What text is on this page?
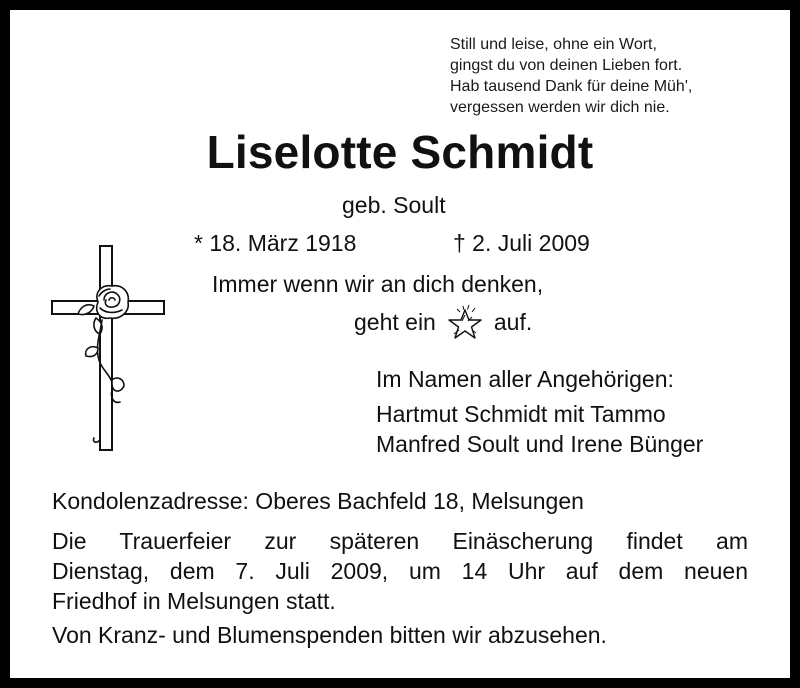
Still und leise, ohne ein Wort,
gingst du von deinen Lieben fort.
Hab tausend Dank für deine Müh',
vergessen werden wir dich nie.
Liselotte Schmidt
geb. Soult
* 18. März 1918	† 2. Juli 2009
Immer wenn wir an dich denken,
geht ein	auf.
Im Namen aller Angehörigen:
Hartmut Schmidt mit Tammo
Manfred Soult und Irene Bünger
Kondolenzadresse: Oberes Bachfeld 18, Melsungen
Die Trauerfeier zur späteren Einäscherung findet am
Dienstag, dem 7. Juli 2009, um 14 Uhr auf dem neuen
Friedhof in Melsungen statt.
Von Kranz- und Blumenspenden bitten wir abzusehen.
